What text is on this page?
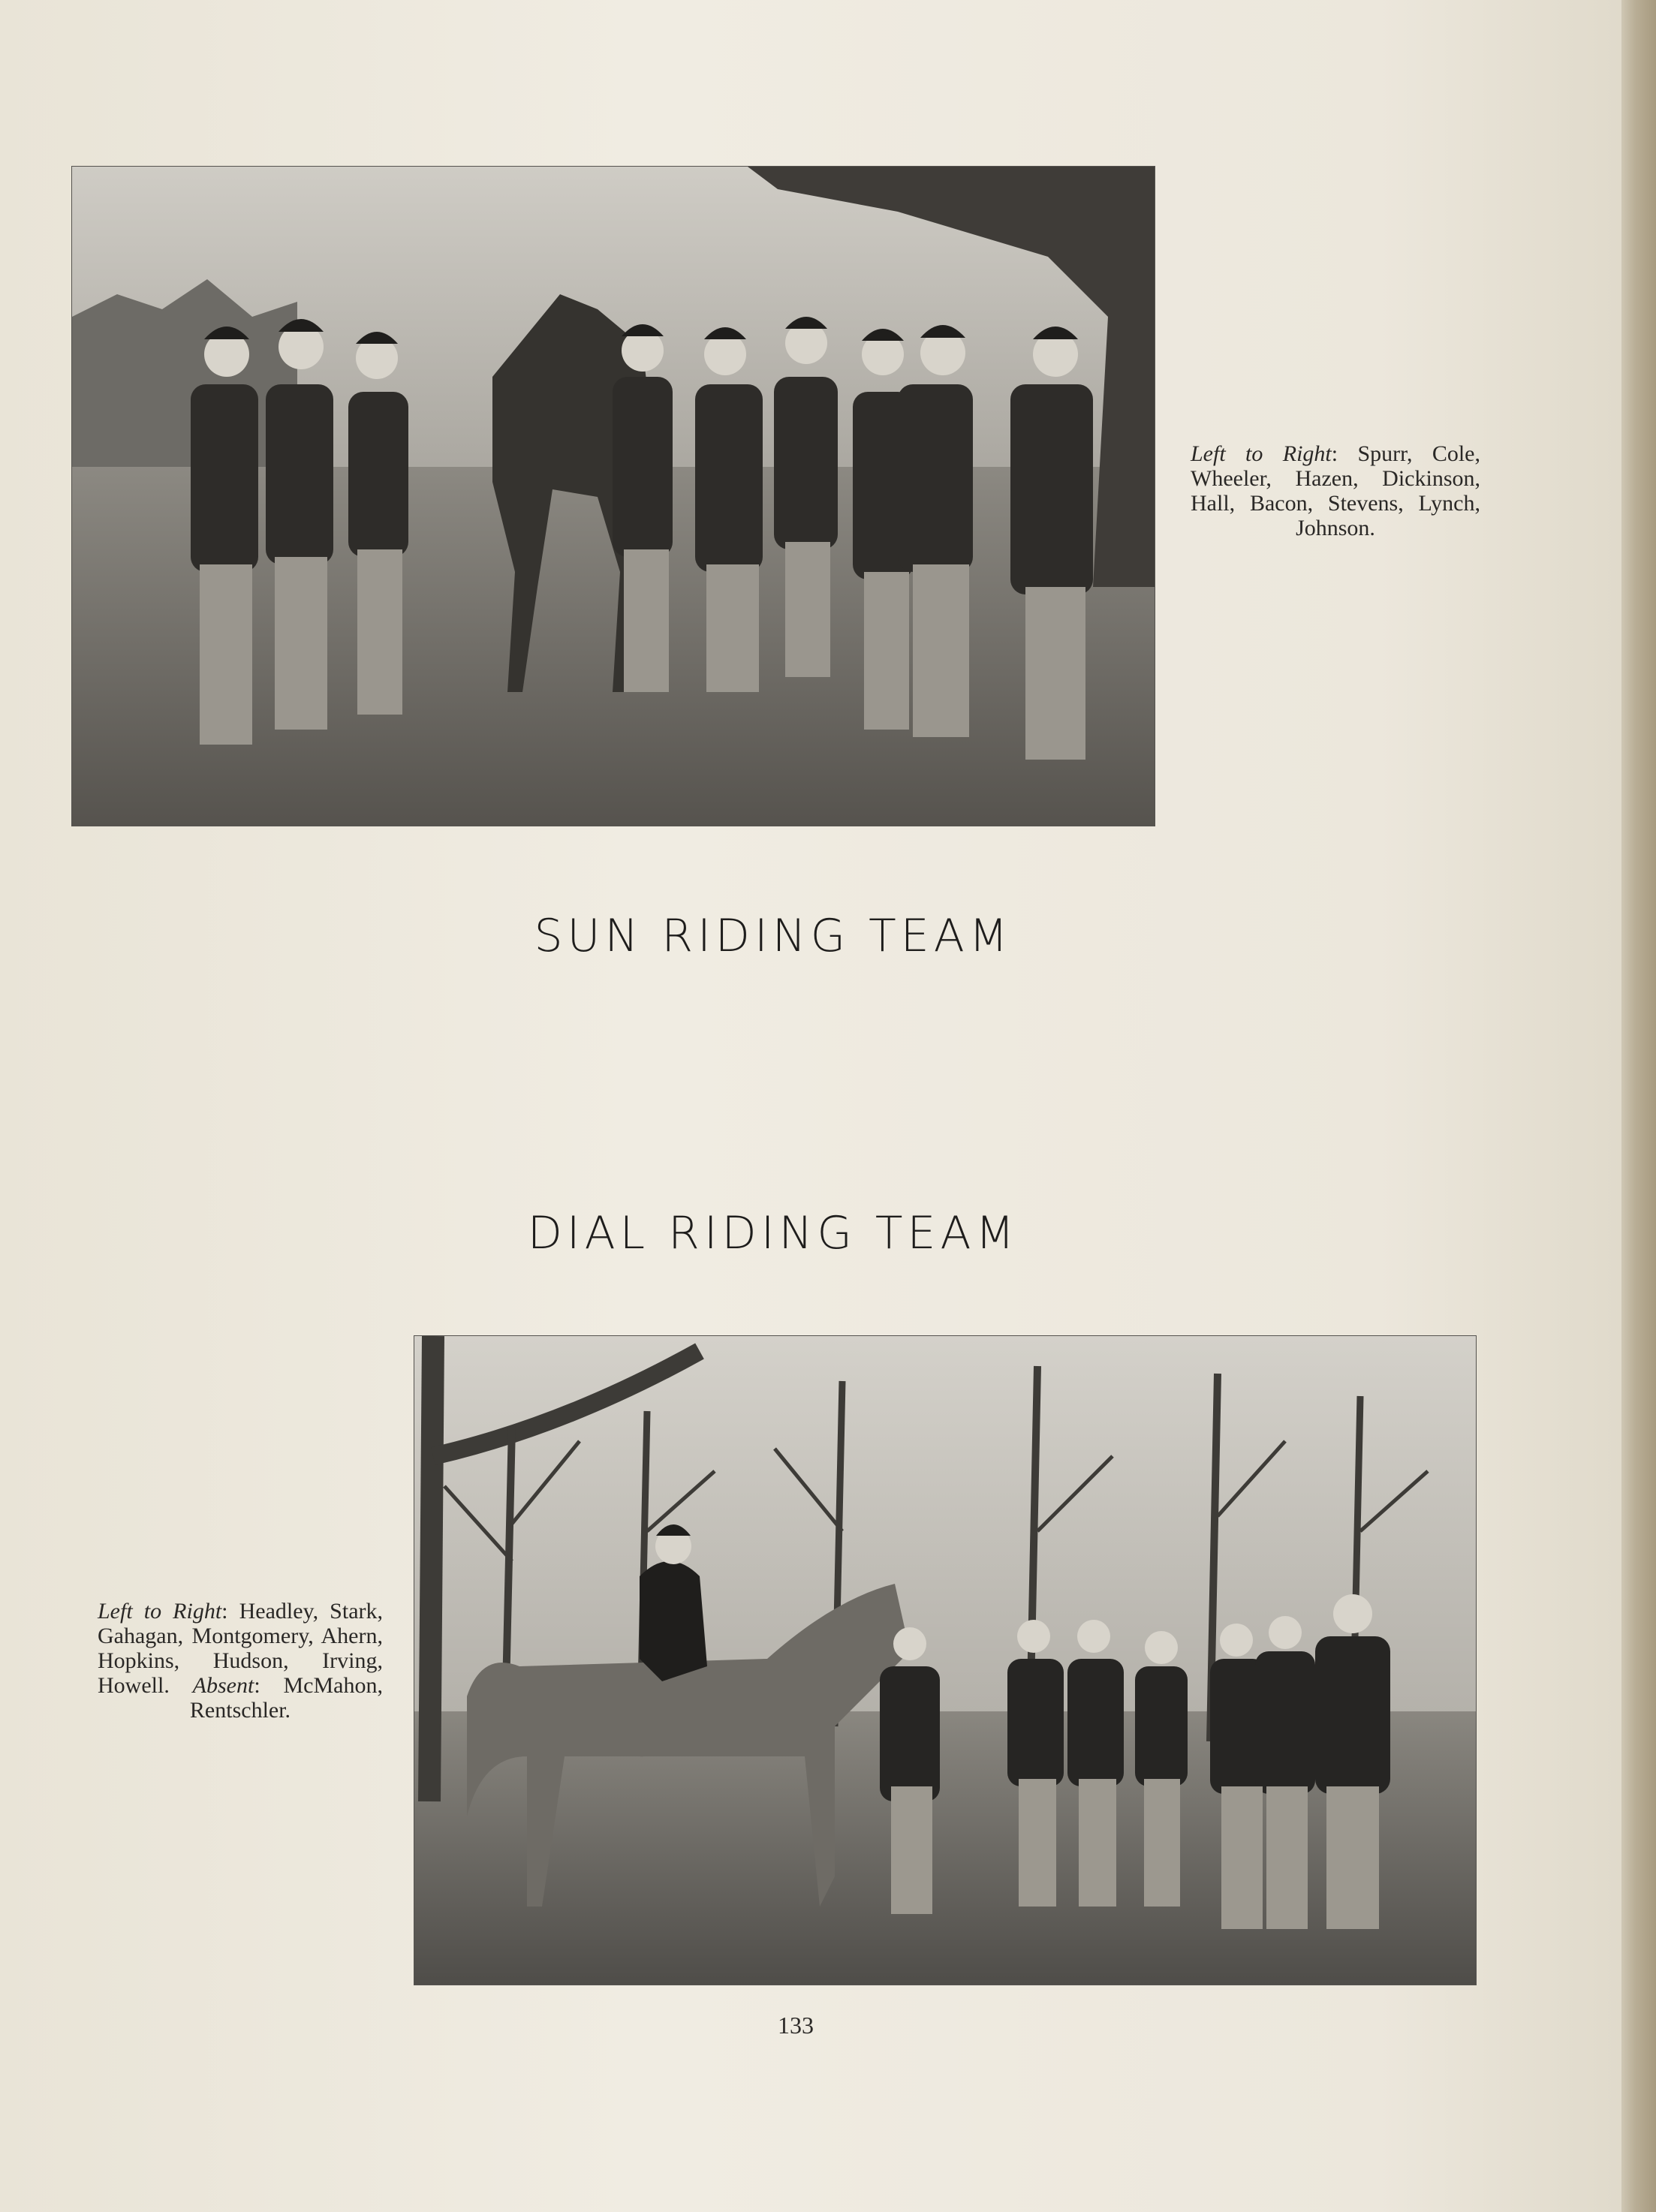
Left to Right: Spurr, Cole, Wheeler, Hazen, Dickinson, Hall, Bacon, Stevens, Lynch, Johnson.
SUN RIDING TEAM
DIAL RIDING TEAM
Left to Right: Headley, Stark, Gahagan, Montgomery, Ahern, Hopkins, Hudson, Irving, Howell. Absent: McMahon, Rentschler.
133
